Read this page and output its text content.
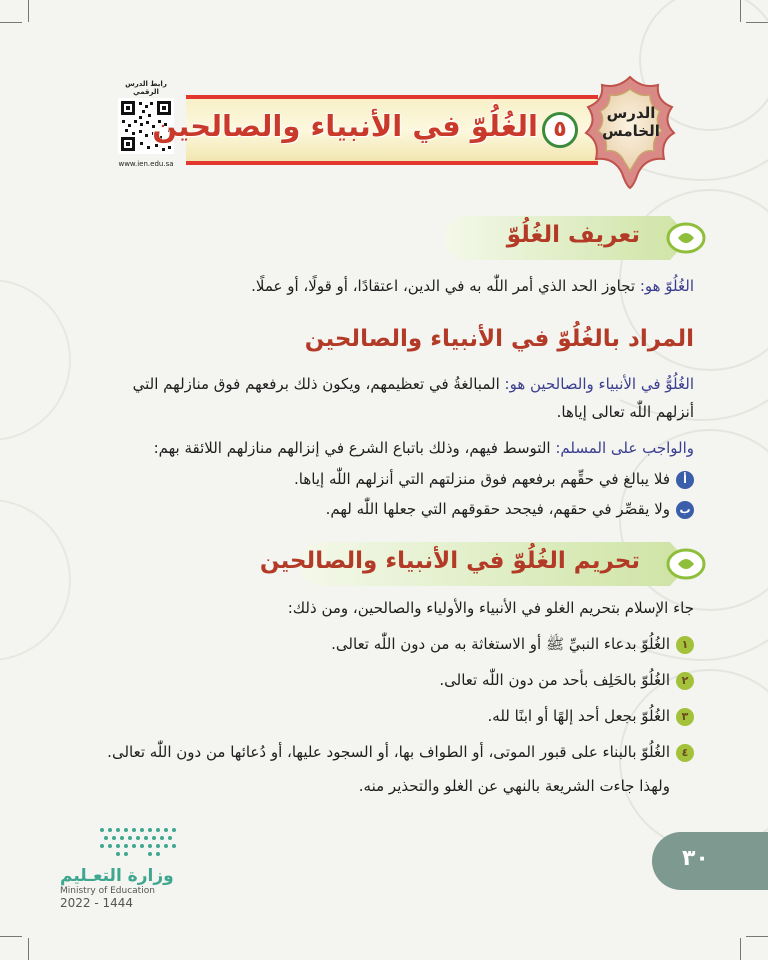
رابط الدرس الرقمي
www.ien.edu.sa
الغُلُوّ في الأنبياء والصالحين ٥
الدرس
الخامس
تعريف الغُلُوّ
الغُلُوّ هو: تجاوز الحد الذي أمر اللّٰه به في الدين، اعتقادًا، أو قولًا، أو عملًا.
المراد بالغُلُوّ في الأنبياء والصالحين
الغُلُوُّ في الأنبياء والصالحين هو: المبالغةُ في تعظيمهم، ويكون ذلك برفعهم فوق منازلهم التي
أنزلهم اللّٰه تعالى إياها.
والواجب على المسلم: التوسط فيهم، وذلك باتباع الشرع في إنزالهم منازلهم اللائقة بهم:
أفلا يبالغ في حقِّهم برفعهم فوق منزلتهم التي أنزلهم اللّٰه إياها.
بولا يقصِّر في حقهم، فيجحد حقوقهم التي جعلها اللّٰه لهم.
تحريم الغُلُوّ في الأنبياء والصالحين
جاء الإسلام بتحريم الغلو في الأنبياء والأولياء والصالحين، ومن ذلك:
١الغُلُوّ بدعاء النبيِّ ﷺ أو الاستغاثة به من دون اللّٰه تعالى.
٢الغُلُوّ بالحَلِف بأحد من دون اللّٰه تعالى.
٣الغُلُوّ بجعل أحد إلهًا أو ابنًا لله.
٤الغُلُوّ بالبناء على قبور الموتى، أو الطواف بها، أو السجود عليها، أو دُعائها من دون اللّٰه تعالى.
ولهذا جاءت الشريعة بالنهي عن الغلو والتحذير منه.
وزارة التعـليم
Ministry of Education
2022 - 1444
٣٠
